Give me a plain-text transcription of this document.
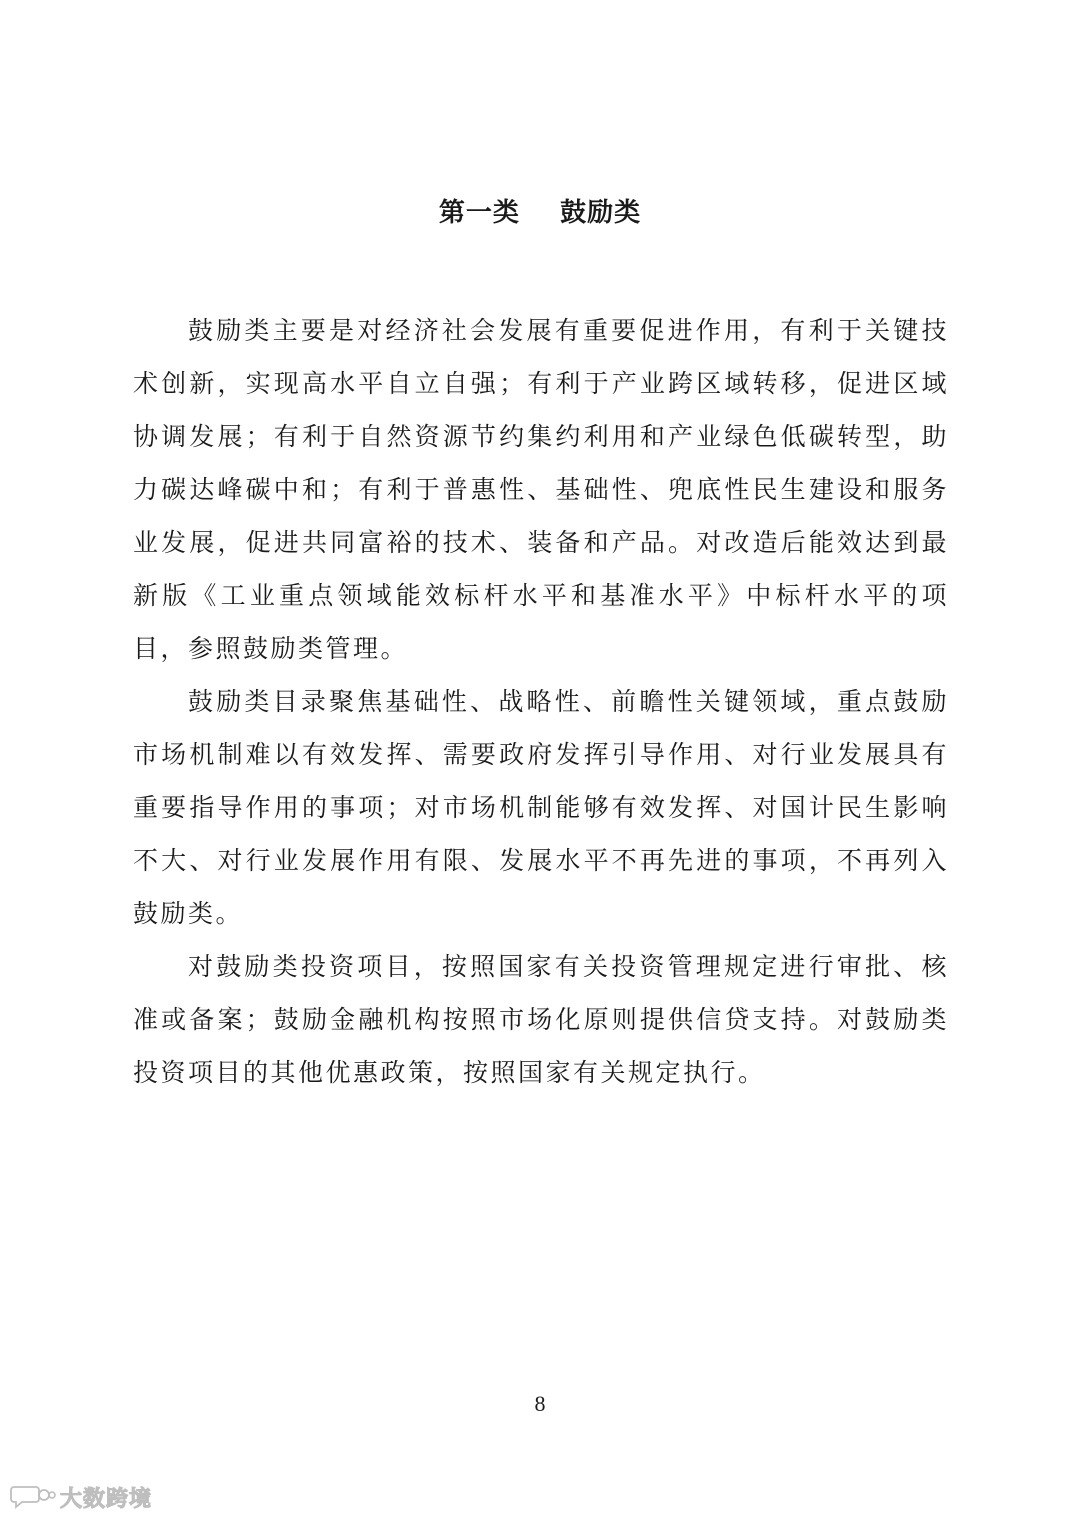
第一类    鼓励类

鼓励类主要是对经济社会发展有重要促进作用，有利于关键技术创新，实现高水平自立自强；有利于产业跨区域转移，促进区域协调发展；有利于自然资源节约集约利用和产业绿色低碳转型，助力碳达峰碳中和；有利于普惠性、基础性、兜底性民生建设和服务业发展，促进共同富裕的技术、装备和产品。对改造后能效达到最新版《工业重点领域能效标杆水平和基准水平》中标杆水平的项目，参照鼓励类管理。

鼓励类目录聚焦基础性、战略性、前瞻性关键领域，重点鼓励市场机制难以有效发挥、需要政府发挥引导作用、对行业发展具有重要指导作用的事项；对市场机制能够有效发挥、对国计民生影响不大、对行业发展作用有限、发展水平不再先进的事项，不再列入鼓励类。

对鼓励类投资项目，按照国家有关投资管理规定进行审批、核准或备案；鼓励金融机构按照市场化原则提供信贷支持。对鼓励类投资项目的其他优惠政策，按照国家有关规定执行。

8
大数跨境
